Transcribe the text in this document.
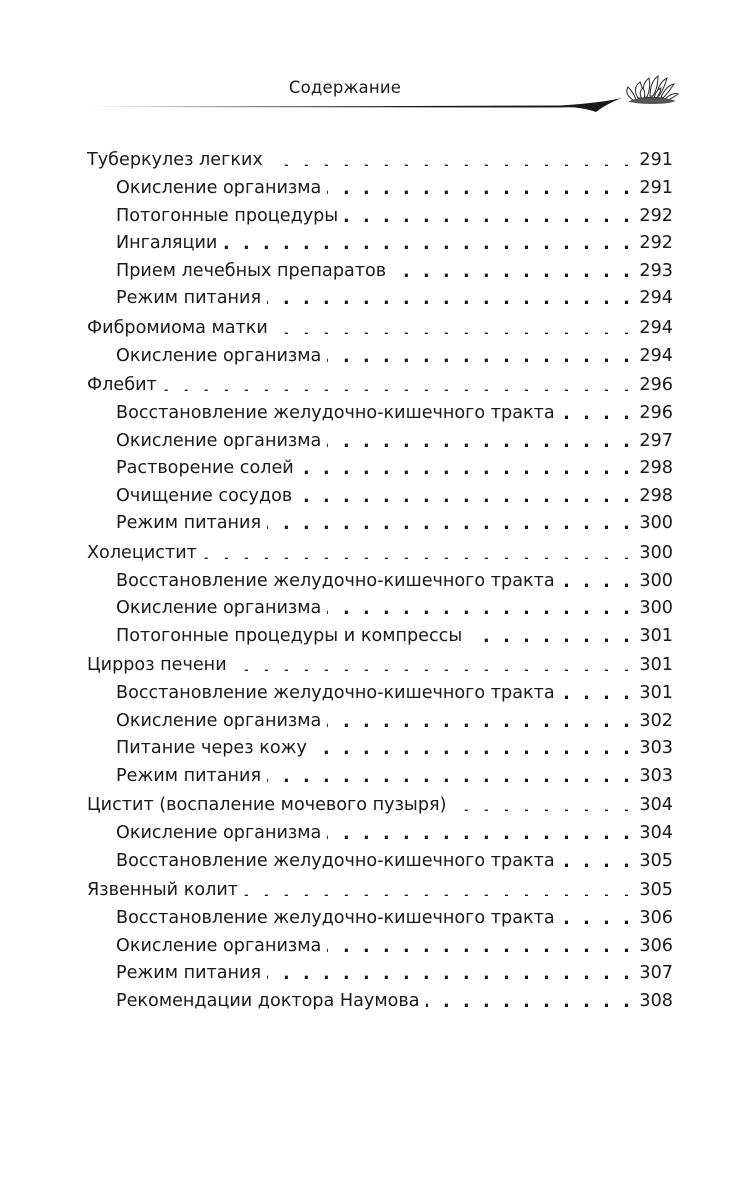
Содержание
Туберкулез легких . . .	291
Окисление организма . . .	291
Потогонные процедуры . . .	292
Ингаляции . . .	292
Прием лечебных препаратов . . .	293
Режим питания . . .	294
Фибромиома матки . . .	294
Окисление организма . . .	294
Флебит . . .	296
Восстановление желудочно-кишечного тракта . . .	296
Окисление организма . . .	297
Растворение солей . . .	298
Очищение сосудов . . .	298
Режим питания . . .	300
Холецистит . . .	300
Восстановление желудочно-кишечного тракта . . .	300
Окисление организма . . .	300
Потогонные процедуры и компрессы . . .	301
Цирроз печени . . .	301
Восстановление желудочно-кишечного тракта . . .	301
Окисление организма . . .	302
Питание через кожу . . .	303
Режим питания . . .	303
Цистит (воспаление мочевого пузыря) . . .	304
Окисление организма . . .	304
Восстановление желудочно-кишечного тракта . . .	305
Язвенный колит . . .	305
Восстановление желудочно-кишечного тракта . . .	306
Окисление организма . . .	306
Режим питания . . .	307
Рекомендации доктора Наумова . . .	308
